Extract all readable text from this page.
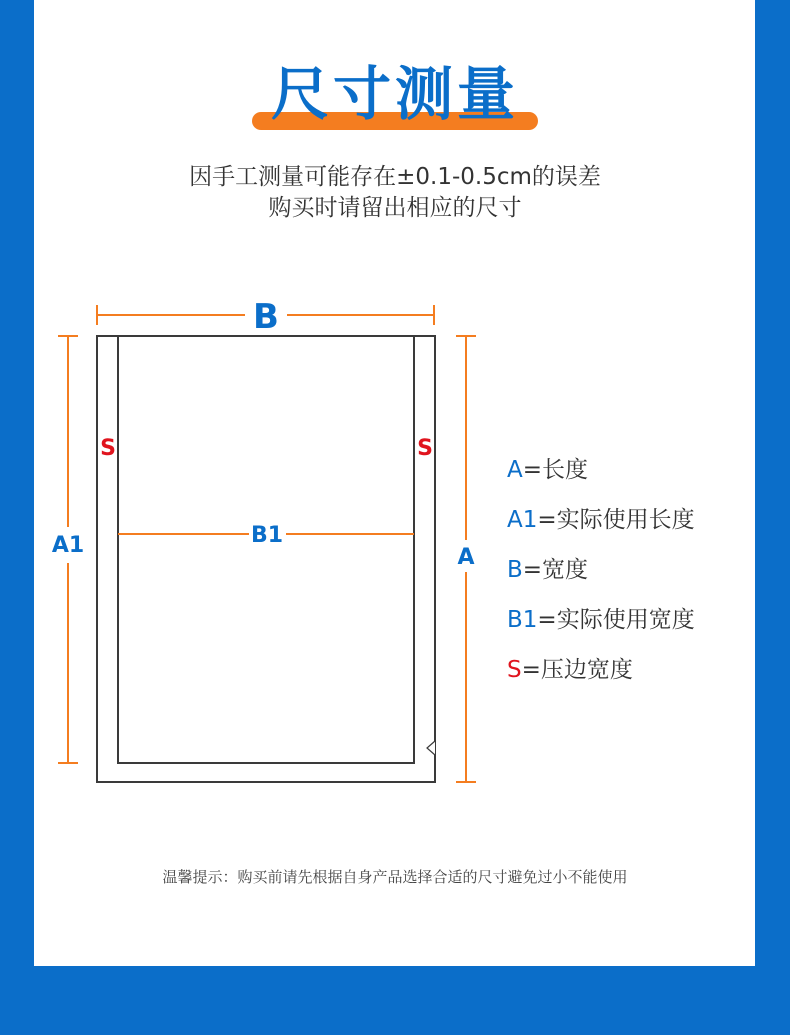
尺寸测量
因手工测量可能存在±0.1-0.5cm的误差
购买时请留出相应的尺寸
B
A1	A
B1
S	S
A=长度
A1=实际使用长度
B=宽度
B1=实际使用宽度
S=压边宽度
温馨提示：购买前请先根据自身产品选择合适的尺寸避免过小不能使用
